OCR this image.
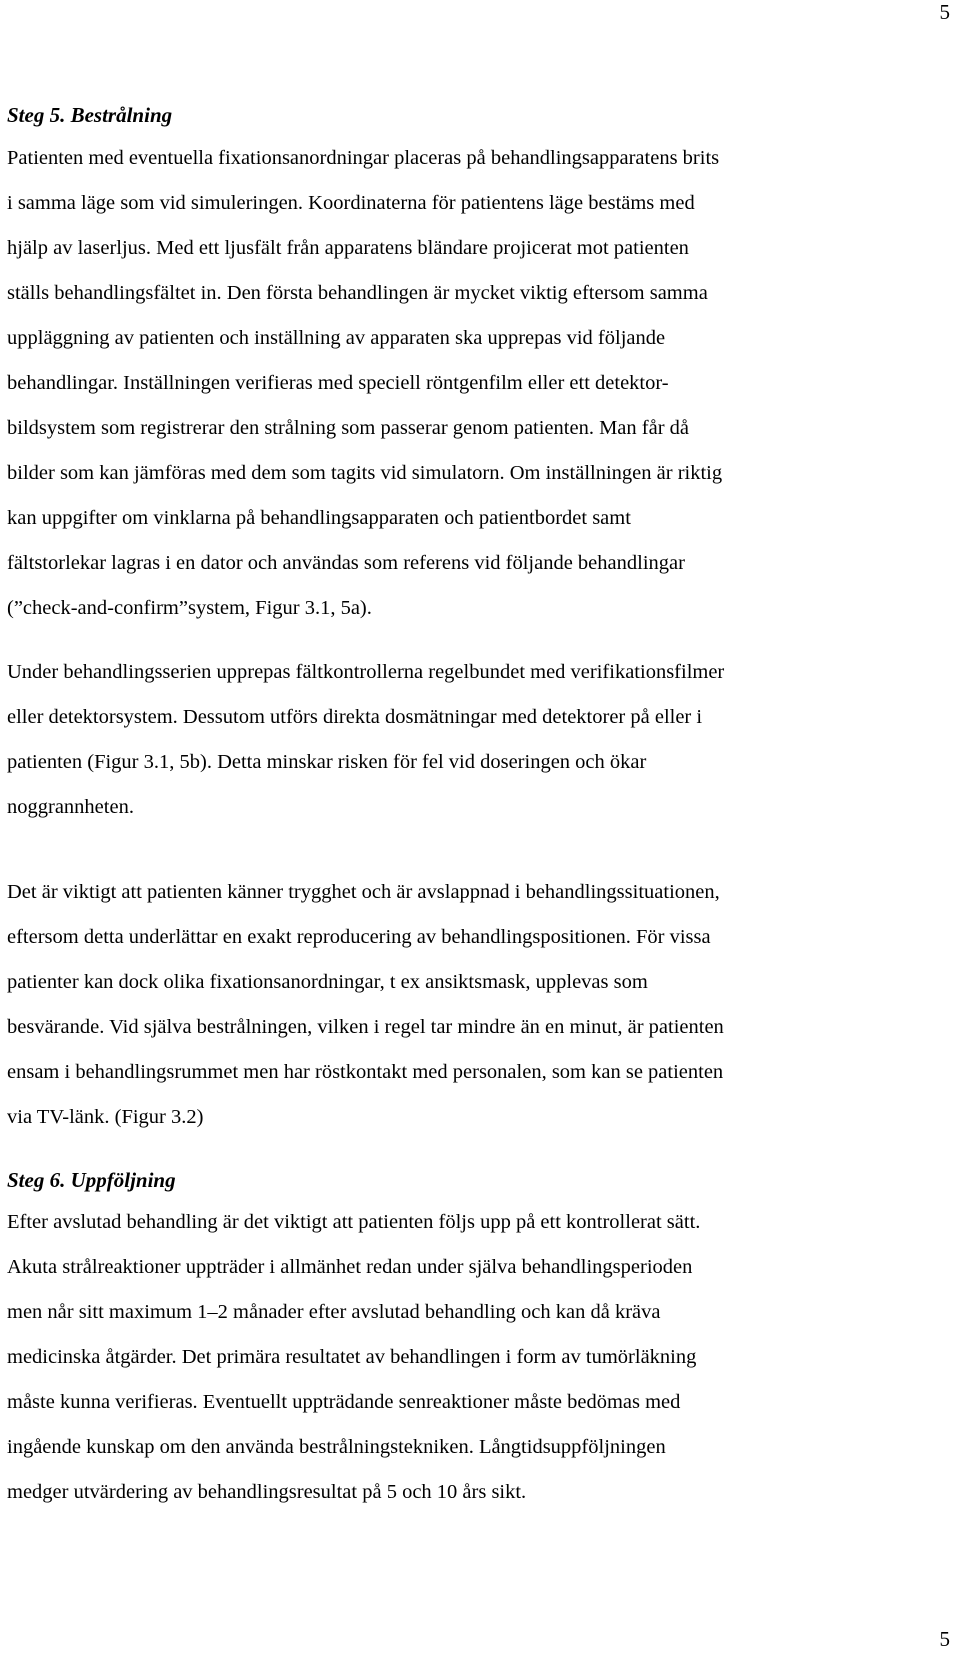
5
Steg 5. Bestrålning

Patienten med eventuella fixationsanordningar placeras på behandlingsapparatens brits
i samma läge som vid simuleringen. Koordinaterna för patientens läge bestäms med
hjälp av laserljus. Med ett ljusfält från apparatens bländare projicerat mot patienten
ställs behandlingsfältet in. Den första behandlingen är mycket viktig eftersom samma
uppläggning av patienten och inställning av apparaten ska upprepas vid följande
behandlingar. Inställningen verifieras med speciell röntgenfilm eller ett detektor-
bildsystem som registrerar den strålning som passerar genom patienten. Man får då
bilder som kan jämföras med dem som tagits vid simulatorn. Om inställningen är riktig
kan uppgifter om vinklarna på behandlingsapparaten och patientbordet samt
fältstorlekar lagras i en dator och användas som referens vid följande behandlingar
(”check-and-confirm”system, Figur 3.1, 5a).

Under behandlingsserien upprepas fältkontrollerna regelbundet med verifikationsfilmer
eller detektorsystem. Dessutom utförs direkta dosmätningar med detektorer på eller i
patienten (Figur 3.1, 5b). Detta minskar risken för fel vid doseringen och ökar
noggrannheten.

Det är viktigt att patienten känner trygghet och är avslappnad i behandlingssituationen,
eftersom detta underlättar en exakt reproducering av behandlingspositionen. För vissa
patienter kan dock olika fixationsanordningar, t ex ansiktsmask, upplevas som
besvärande. Vid själva bestrålningen, vilken i regel tar mindre än en minut, är patienten
ensam i behandlingsrummet men har röstkontakt med personalen, som kan se patienten
via TV-länk. (Figur 3.2)

Steg 6. Uppföljning

Efter avslutad behandling är det viktigt att patienten följs upp på ett kontrollerat sätt.
Akuta strålreaktioner uppträder i allmänhet redan under själva behandlingsperioden
men når sitt maximum 1–2 månader efter avslutad behandling och kan då kräva
medicinska åtgärder. Det primära resultatet av behandlingen i form av tumörläkning
måste kunna verifieras. Eventuellt uppträdande senreaktioner måste bedömas med
ingående kunskap om den använda bestrålningstekniken. Långtidsuppföljningen
medger utvärdering av behandlingsresultat på 5 och 10 års sikt.

5
